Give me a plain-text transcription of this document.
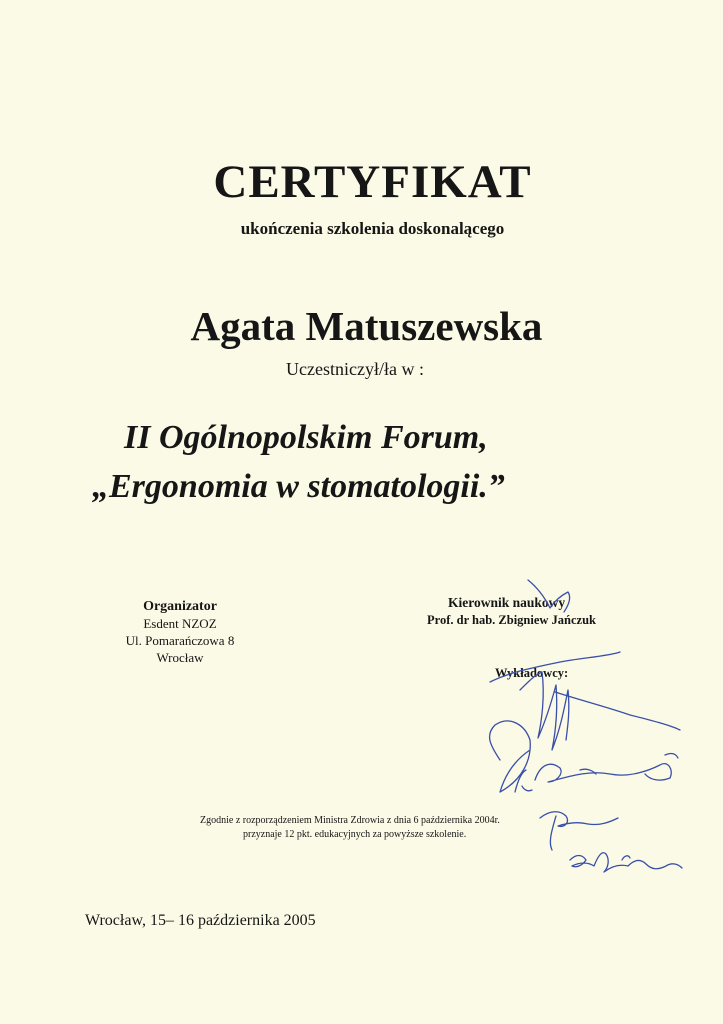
CERTYFIKAT
ukończenia szkolenia doskonalącego
Agata Matuszewska
Uczestniczył/ła w :
II Ogólnopolskim Forum,
„Ergonomia w stomatologii.”
Organizator
Esdent NZOZ
Ul. Pomarańczowa 8
Wrocław
Kierownik naukowy
Prof. dr hab. Zbigniew Jańczuk
Wykładowcy:
Zgodnie z rozporządzeniem Ministra Zdrowia z dnia 6 października 2004r.
przyznaje 12 pkt. edukacyjnych za powyższe szkolenie.
Wrocław, 15– 16 października 2005
